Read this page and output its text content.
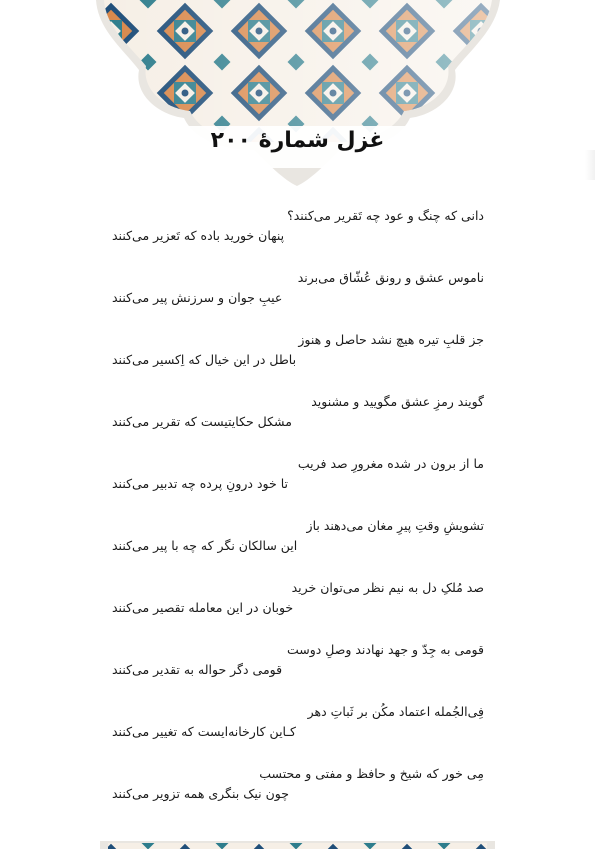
غزل شمارهٔ ۲۰۰
دانی که چنگ و عود چه تَقریر می‌کنند؟
پنهان خورید باده که تَعزیر می‌کنند
ناموس عشق و رونق عُشّاق می‌برند
عیبِ جوان و سرزنش پیر می‌کنند
جز قلبِ تیره هیچ نشد حاصل و هنوز
باطل در این خیال که اِکسیر می‌کنند
گویند رمزِ عشق مگویید و مشنوید
مشکل حکایتیست که تقریر می‌کنند
ما از برون در شده مغرورِ صد فریب
تا خود درونِ پرده چه تدبیر می‌کنند
تشویشِ وقتِ پیرِ مغان می‌دهند باز
این سالکان نگر که چه با پیر می‌کنند
صد مُلکِ دل به نیم نظر می‌توان خرید
خوبان در این معامله تقصیر می‌کنند
قومی به جِدّ و جهد نهادند وصلِ دوست
قومی دگر حواله به تقدیر می‌کنند
فِی‌الجُمله اعتماد مکُن بر ثَباتِ دهر
کـاین کارخانه‌ایست که تغییر می‌کنند
مِی خور که شیخ و حافظ و مفتی و محتسب
چون نیک بنگری همه تزویر می‌کنند
